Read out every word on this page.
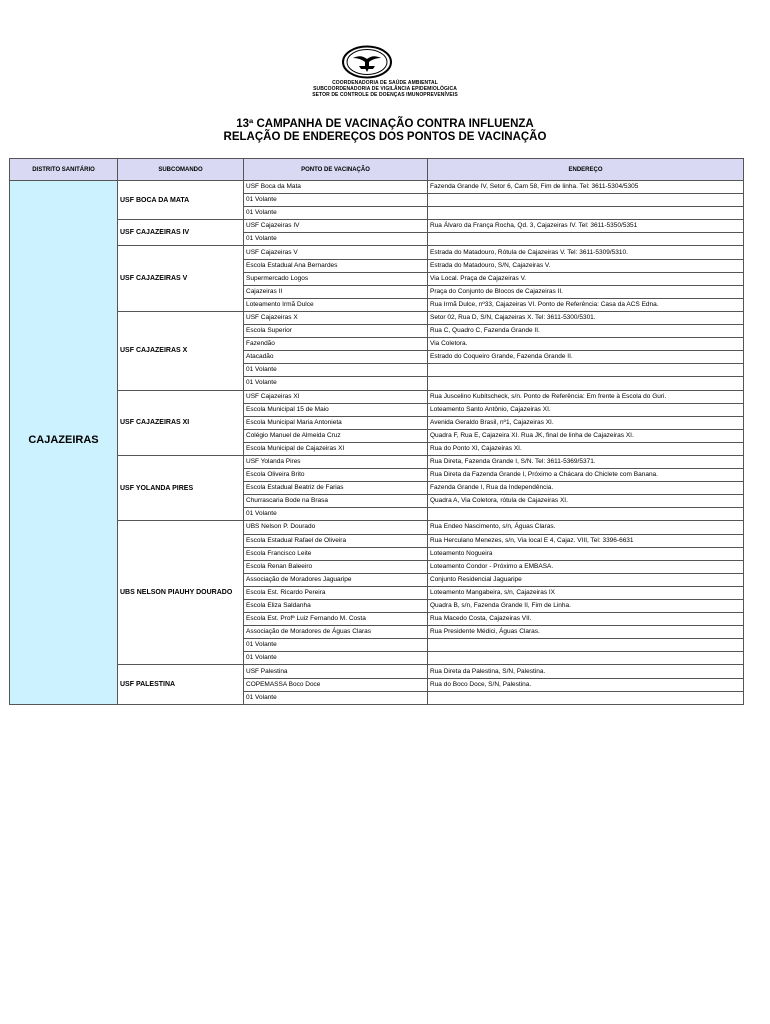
COORDENADORIA DE SAÚDE AMBIENTAL
SUBCOORDENADORIA DE VIGILÂNCIA EPIDEMIOLÓGICA
SETOR DE CONTROLE DE DOENÇAS IMUNOPREVENÍVEIS
13ª CAMPANHA DE VACINAÇÃO CONTRA INFLUENZA
RELAÇÃO DE ENDEREÇOS DOS PONTOS DE VACINAÇÃO
DISTRITO SANITÁRIO	SUBCOMANDO	PONTO DE VACINAÇÃO	ENDEREÇO
CAJAZEIRAS	USF BOCA DA MATA	USF Boca da Mata	Fazenda Grande IV, Setor 6, Cam 58, Fim de linha. Tel: 3611-5304/5305
		01 Volante	
		01 Volante	
	USF CAJAZEIRAS IV	USF Cajazeiras IV	Rua Álvaro da França Rocha, Qd. 3, Cajazeiras IV. Tel: 3611-5350/5351
		01 Volante	
	USF CAJAZEIRAS V	USF Cajazeiras V	Estrada do Matadouro, Rótula de Cajazeiras V. Tel: 3611-5309/5310.
		Escola Estadual Ana Bernardes	Estrada do Matadouro, S/N, Cajazeiras V.
		Supermercado Logos	Via Local. Praça de Cajazeiras V.
		Cajazeiras II	Praça do Conjunto de Blocos de Cajazeiras II.
		Loteamento Irmã Dulce	Rua Irmã Dulce, nº33, Cajazeiras VI. Ponto de Referência: Casa da ACS Edna.
	USF CAJAZEIRAS X	USF Cajazeiras X	Setor 02, Rua D, S/N, Cajazeiras X. Tel: 3611-5300/5301.
		Escola Superior	Rua C, Quadro C, Fazenda Grande II.
		Fazendão	Via Coletora.
		Atacadão	Estrado do Coqueiro Grande, Fazenda Grande II.
		01 Volante	
		01 Volante	
	USF CAJAZEIRAS XI	USF Cajazeiras XI	Rua Juscelino Kubitscheck, s/n. Ponto de Referência: Em frente à Escola do Guri.
		Escola Municipal 15 de Maio	Loteamento Santo Antônio, Cajazeiras XI.
		Escola Municipal Maria Antonieta	Avenida Geraldo Brasil, nº1, Cajazeiras XI.
		Colégio Manuel de Almeida Cruz	Quadra F, Rua E, Cajazeira XI. Rua JK, final de linha de Cajazeiras XI.
		Escola Municipal de Cajazeiras XI	Rua do Ponto XI, Cajazeiras XI.
	USF YOLANDA PIRES	USF Yolanda Pires	Rua Direta, Fazenda Grande I, S/N. Tel: 3611-5369/5371.
		Escola Oliveira Brito	Rua Direta da Fazenda Grande I, Próximo a Chácara do Chiclete com Banana.
		Escola Estadual Beatriz de Farias	Fazenda Grande I, Rua da Independência.
		Churrascaria Bode na Brasa	Quadra A, Via Coletora, rótula de Cajazeiras XI.
		01 Volante	
	UBS NELSON PIAUHY DOURADO	UBS Nelson P. Dourado	Rua Endeo Nascimento, s/n, Águas Claras.
		Escola Estadual Rafael de Oliveira	Rua Herculano Menezes, s/n, Via local E 4, Cajaz. VIII, Tel: 3396-6631
		Escola Francisco Leite	Loteamento Nogueira
		Escola Renan Baleeiro	Loteamento Condor - Próximo a EMBASA.
		Associação de Moradores Jaguaripe	Conjunto Residencial Jaguaripe
		Escola Est. Ricardo Pereira	Loteamento Mangabeira, s/n, Cajazeiras IX
		Escola Eliza Saldanha	Quadra B, s/n, Fazenda Grande II, Fim de Linha.
		Escola Est. Profª Luiz Fernando M. Costa	Rua Macedo Costa, Cajazeiras VII.
		Associação de Moradores de Águas Claras	Rua Presidente Médici, Águas Claras.
		01 Volante	
		01 Volante	
	USF PALESTINA	USF Palestina	Rua Direta da Palestina, S/N, Palestina.
		COPEMASSA Boco Doce	Rua do Boco Doce, S/N, Palestina.
		01 Volante	
